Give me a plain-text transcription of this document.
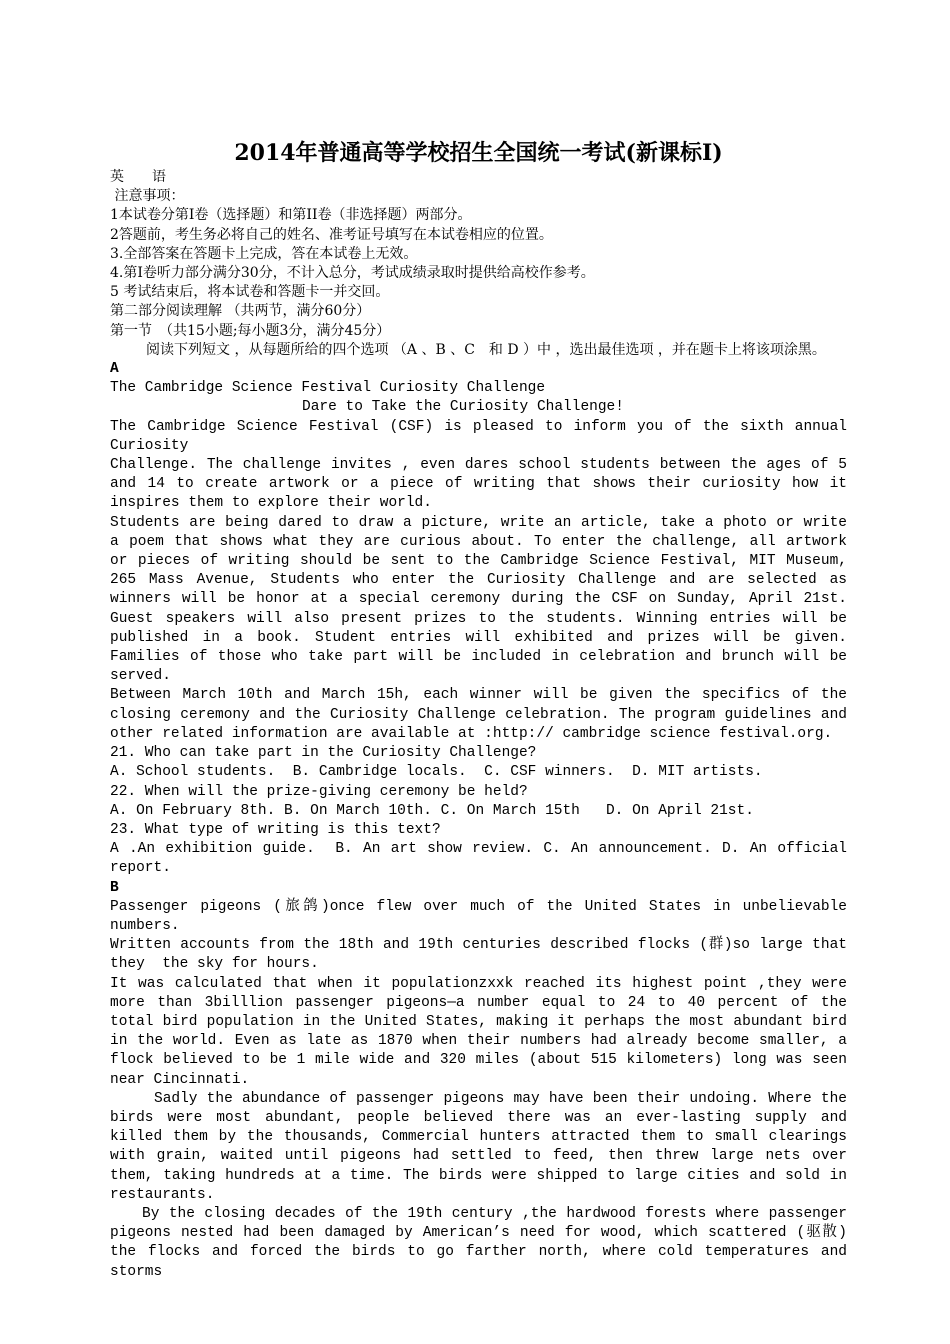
2014年普通高等学校招生全国统一考试(新课标I)
英　　语
注意事项：
1本试卷分第I卷（选择题）和第II卷（非选择题）两部分。
2答题前，考生务必将自己的姓名、准考证号填写在本试卷相应的位置。
3.全部答案在答题卡上完成，答在本试卷上无效。
4.第I卷听力部分满分30分，不计入总分，考试成绩录取时提供给高校作参考。
5 考试结束后，将本试卷和答题卡一并交回。
第二部分阅读理解 （共两节，满分60分）
第一节　（共15小题;每小题3分，满分45分）
阅读下列短文 ，从每题所给的四个选项 （A 、B 、C　和 D ）中 ，选出最佳选项 ，并在题卡上将该项涂黑。
A
The Cambridge Science Festival Curiosity Challenge
Dare to Take the Curiosity Challenge!
The Cambridge Science Festival (CSF) is pleased to inform you of the sixth annual Curiosity
Challenge. The challenge invites , even dares school students between the ages of 5 and 14 to create artwork or a piece of writing that shows their curiosity how it inspires them to explore their world.
Students are being dared to draw a picture, write an article, take a photo or write a poem that shows what they are curious about. To enter the challenge, all artwork or pieces of writing should be sent to the Cambridge Science Festival, MIT Museum, 265 Mass Avenue, Students who enter the Curiosity Challenge and are selected as winners will be honor at a special ceremony during the CSF on Sunday, April 21st. Guest speakers will also present prizes to the students. Winning entries will be published in a book. Student entries will exhibited and prizes will be given. Families of those who take part will be included in celebration and brunch will be served.
Between March 10th and March 15h, each winner will be given the specifics of the closing ceremony and the Curiosity Challenge celebration. The program guidelines and other related information are available at :http:// cambridge science festival.org.
21. Who can take part in the Curiosity Challenge?
A. School students.  B. Cambridge locals.  C. CSF winners.  D. MIT artists.
22. When will the prize-giving ceremony be held?
A. On February 8th. B. On March 10th. C. On March 15th   D. On April 21st.
23. What type of writing is this text?
A .An exhibition guide.  B. An art show review. C. An announcement. D. An official report.
B
Passenger pigeons (旅鸽)once flew over much of the United States in unbelievable numbers.
Written accounts from the 18th and 19th centuries described flocks (群)so large that they  the sky for hours.
It was calculated that when it populationzxxk reached its highest point ,they were more than 3billlion passenger pigeons—a number equal to 24 to 40 percent of the total bird population in the United States, making it perhaps the most abundant bird in the world. Even as late as 1870 when their numbers had already become smaller, a flock believed to be 1 mile wide and 320 miles (about 515 kilometers) long was seen near Cincinnati.
Sadly the abundance of passenger pigeons may have been their undoing. Where the birds were most abundant, people believed there was an ever-lasting supply and killed them by the thousands, Commercial hunters attracted them to small clearings with grain, waited until pigeons had settled to feed, then threw large nets over them, taking hundreds at a time. The birds were shipped to large cities and sold in restaurants.
By the closing decades of the 19th century ,the hardwood forests where passenger pigeons nested had been damaged by American’s need for wood, which scattered (驱散) the flocks and forced the birds to go farther north, where cold temperatures and storms
